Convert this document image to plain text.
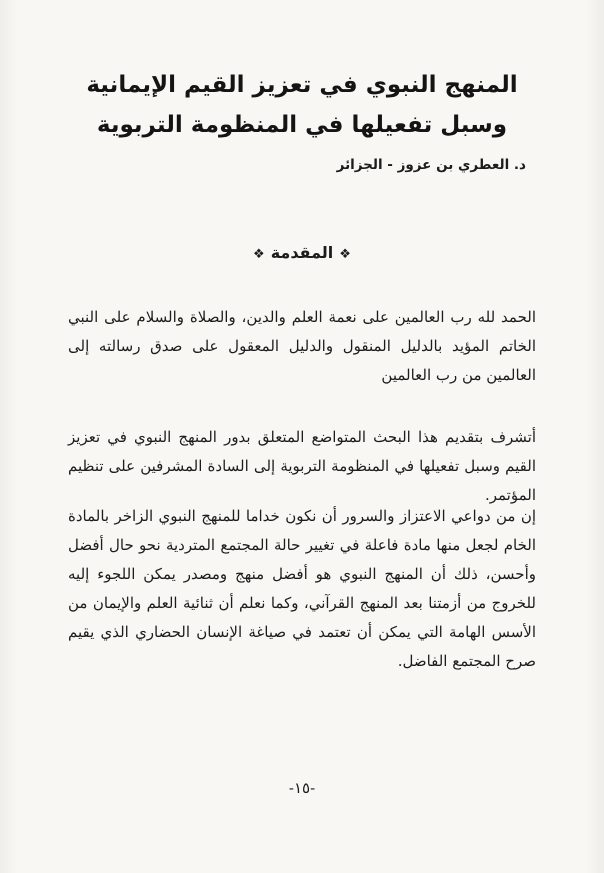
المنهج النبوي في تعزيز القيم الإيمانية
وسبل تفعيلها في المنظومة التربوية
د. العطري بن عزوز - الجزائر
❖المقدمة❖

الحمد لله رب العالمين على نعمة العلم والدين، والصلاة والسلام على النبي الخاتم المؤيد بالدليل المنقول والدليل المعقول على صدق رسالته إلى العالمين من رب العالمين

أتشرف بتقديم هذا البحث المتواضع المتعلق بدور المنهج النبوي في تعزيز القيم وسبل تفعيلها في المنظومة التربوية إلى السادة المشرفين على تنظيم المؤتمر.

إن من دواعي الاعتزاز والسرور أن نكون خداما للمنهج النبوي الزاخر بالمادة الخام لجعل منها مادة فاعلة في تغيير حالة المجتمع المتردية نحو حال أفضل وأحسن، ذلك أن المنهج النبوي هو أفضل منهج ومصدر يمكن اللجوء إليه للخروج من أزمتنا بعد المنهج القرآني، وكما نعلم أن ثنائية العلم والإيمان من الأسس الهامة التي يمكن أن تعتمد في صياغة الإنسان الحضاري الذي يقيم صرح المجتمع الفاضل.

-١٥-
